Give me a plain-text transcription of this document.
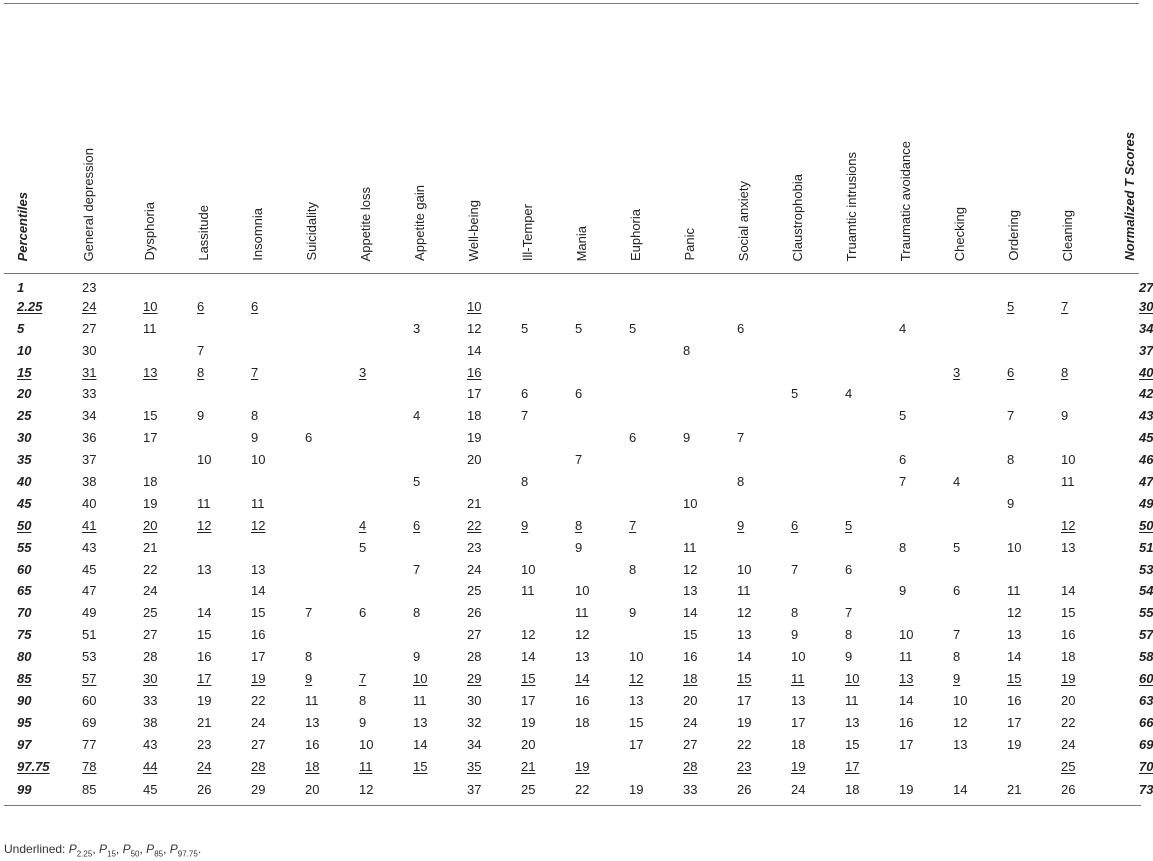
Percentiles	General depression	Dysphoria	Lassitude	Insomnia	Suicidality	Appetite loss	Appetite gain	Well-being	Ill-Temper	Mania	Euphoria	Panic	Social anxiety	Claustrophobia	Truamtic intrusions	Traumatic avoidance	Checking	Ordering	Cleaning	Normalized T Scores	
1	23																				27
2.25	24	10	6	6				10										5	7		30
5	27	11					3	12	5	5	5		6			4					34
10	30		7					14				8									37
15	31	13	8	7		3		16									3	6	8		40
20	33							17	6	6				5	4						42
25	34	15	9	8			4	18	7							5		7	9		43
30	36	17		9	6			19			6	9	7								45
35	37		10	10				20		7						6		8	10		46
40	38	18					5		8				8			7	4		11		47
45	40	19	11	11				21				10						9			49
50	41	20	12	12		4	6	22	9	8	7		9	6	5				12		50
55	43	21				5		23		9		11				8	5	10	13		51
60	45	22	13	13			7	24	10		8	12	10	7	6						53
65	47	24		14				25	11	10		13	11			9	6	11	14		54
70	49	25	14	15	7	6	8	26		11	9	14	12	8	7			12	15		55
75	51	27	15	16				27	12	12		15	13	9	8	10	7	13	16		57
80	53	28	16	17	8		9	28	14	13	10	16	14	10	9	11	8	14	18		58
85	57	30	17	19	9	7	10	29	15	14	12	18	15	11	10	13	9	15	19		60
90	60	33	19	22	11	8	11	30	17	16	13	20	17	13	11	14	10	16	20		63
95	69	38	21	24	13	9	13	32	19	18	15	24	19	17	13	16	12	17	22		66
97	77	43	23	27	16	10	14	34	20		17	27	22	18	15	17	13	19	24		69
97.75	78	44	24	28	18	11	15	35	21	19		28	23	19	17				25		70
99	85	45	26	29	20	12		37	25	22	19	33	26	24	18	19	14	21	26		73
Underlined: $P_{2.25}$, $P_{15}$, $P_{50}$, $P_{85}$, $P_{97.75}$.
